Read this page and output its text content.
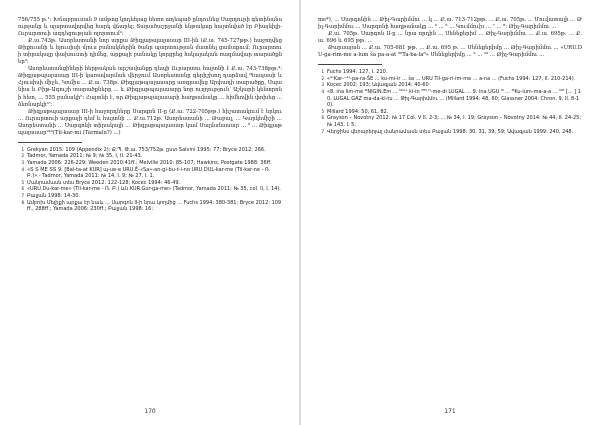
756/755 թ.¹: Խճաբրուսան 9 ամթոց կոդեհյաց հետո ադեպած ընդունեց Սարդուրի գետինանսությանը և պարտավորվեց հարկ վճարել: Տարածաշրջանի ենթակաը հայտնված էր Բիայնիլի-Ուրարտուի ազդեցության ոլորտում²:

Ք.ա.743թ. Ասորեստանի նոր արքա Թիգլաթպալասար III-ին (Ք.ա. 745-727թթ.) հաջողվեց Թիքուանի և հյուսիսի մյուս բանակներին ծանր պարտության մատնել ցամաքում: Ուրարտուի տիրակալը փախուստի դիմեց, արքայի բանակը կորցրեց հսկայական ռազմավար տարածքներ³:

Ասորեստանցիների հերթական արշավանքը դեպի Ուրարտու հայտնի է Ք.ա. 743-738թթ.⁴: Թիգլաթպալասար III-ի կառավարման վերջում Ասորեստանը գերիշխող դարձավ Պապասի և Հյուսիսի միջև, Կոմիս ... Ք.ա. 738թ. Թիգլաթպալասարը առգրավեց Արփադի տարածքը, Սպանիա և Բիթ-Ագուշի տարածքները ... և Թիգլաթպալասարը նոր ուղղություն՝ Աշկարի կենտրոնի հետ, ... 555 բանակի⁵: Հայտնի է, որ Թիգլաթպալասարի հաղթանակը ... հիմնովին փոխեց ... ձեռնարկի⁶⁷:

Թիգլաթպալասար III-ի հաջորդները Սարգոն II-ը (Ք.ա. 722-705թթ.) հիշատակում է երկու ... Ուրարտուի արքայի դեմ և հայտնի ... Ք.ա.712թ. Ասորեստանի ... Թաբալ, ... Կարկեմիշի ... Ասորեստանի ... Սարգոնի տիրակալի ... Թիգլաթպալասար կամ Սալմանասար ... ⁸ ... Թիգլաթպալասար⁹¹⁰(Til-kar-mi (Tarmalu?) ...)

1 Grekyan 2015: 109 (Appendix 2); Ք.Պ. Թ.ա. 753/752թ. ըստ Salvini 1995: 77; Bryce 2012: 266.
2 Tadmor, Yamada 2011: № 9; № 35, I, II. 21-43.
3 Yamada 2006: 226-229; Weeden 2010:41ff.; Melville 2010: 85-107; Hawkins, Postgate 1988: 36ff.
4 «Տ Տ ME ՏՏ 9. [Bal-ta-at KUR] պ-ue-e URU.Ê-«Sa»-an-gi-bu-t-i-no URU.DUL-kar-me (Til-kar-ne - Ռ. Բ.)» - Tadmor, Yamada 2011: № 14, I. 9; № 27, I. 1.
5 Մանրամասն տես Bryce 2012: 122-128; Kocec 1994: 46-49.
6 «URU.Du-kar-me» (Til-kar-me - Ռ. Բ.) ևն KUR.Gur-ga-me» (Tadmor, Yamada 2011: № 35, col. II, I. 14).
7 Բալյան 1998: 14-30.
8 Ամբոխ Մելիքի արքա էր նաև ... Սարգոն II-ի նրա կողմից ... Fuchs 1994: 380-381; Bryce 2012: 109ff., 288ff.; Yamada 2006: 230ff.; Բալյան 1998: 16:
170

me*), ... Սարգոնին ... Թիլ-Գարիմմու ... կ ... Ք.ա. 713-712թթ. ... Ք.ա. 705թ. ... Մուվատալի ... Թիլ-Գարիմմու ... Սարգոնի հաղթանակը ... ⁵ ... ⁶ ... Կումմուխ ... ⁷ ... ⁸: Թիլ-Գարիմմու ...

Ք.ա. 705թ. Սարգոն II-ը ... նրա որդին ... Սենեքերիմ ... Թիլ-Գարիմմու ... Ք.ա. 695թ. ... Ք.ա. 696 և 695 թթ. ...

Թարսայան ... Ք.ա. 705-681 թթ. ... Ք.ա. 695 թ. ... Սենեքերիմը ... Թիլ-Գարիմմու ... «URU.DU-ga-rim-me a-lum ša pa-a-at ⁶⁶Ta-ba-la⁶» Սենեքերիմը ... ⁹ ... ¹⁰ ... Թիլ-Գարիմմու ...

1 Fuchs 1994: 127, I. 210.
2 «ᵃˢKar-⁻ᵃˢ-pa-ra-ŠE ... ku-mi-ir ... ša ... URU Til-ga-ri-im-me ... a-na ... (Fuchs 1994: 127, II. 210-214).
3 Kocec 2002: 193; Ավագյան 2014: 40-60
4 «8. ina lim-me ᴹNIGIN.Em ... ᴹᵘᴸᴸ ki-in ᴹᴹ ᴴ-me-di LUGAL ... 9. ina UGU ᴹ ... ᴹKu-lum-ma-a-a ... ᴹᴴ [... ] 10. LUGAL GAZ ma-da-ki-tu ... Թիլ-Գարիմմու ... (Millard 1994: 48, 60; Glassner 2004: Chron. 9, II. 8-10).
5 Millard 1994: 50, 61, 82.
6 Grayson – Novotny 2012: № 17 Col. V II. 2-3; ... № 34, I. 19; Grayson – Novotny 2014: № 44, II. 24-25; № 143, I. 5.
7 Վերջինս վերաբերյալ մանրամասն տես Բալյան 1998: 30, 31, 39, 59; Ավագյան 1999: 240, 248.
171
